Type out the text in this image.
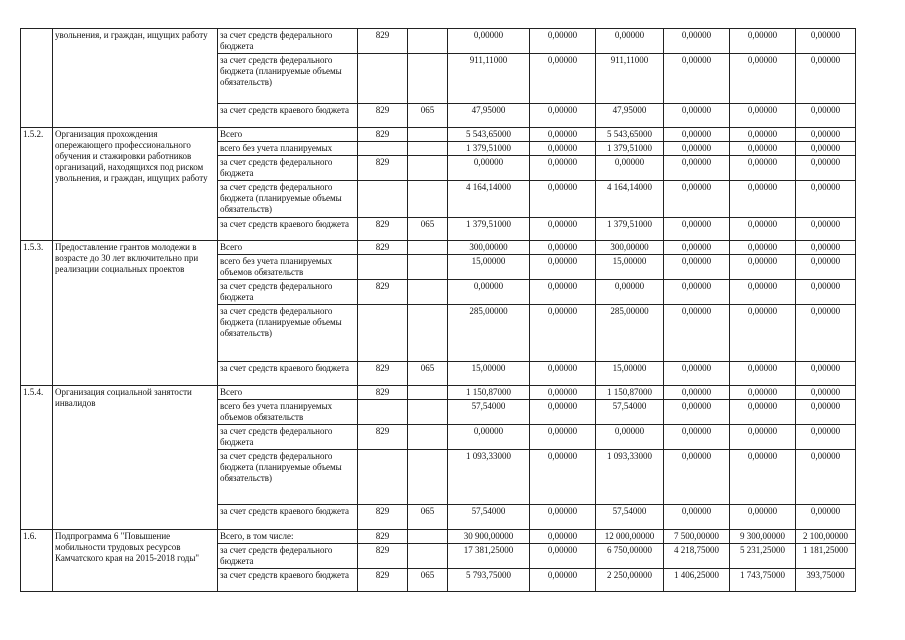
	увольнения, и граждан, ищущих работу	за счет средств федерального бюджета	829		0,00000	0,00000	0,00000	0,00000	0,00000	0,00000
		за счет средств федерального бюджета (планируемые объемы обязательств)			911,11000	0,00000	911,11000	0,00000	0,00000	0,00000
		за счет средств краевого бюджета	829	065	47,95000	0,00000	47,95000	0,00000	0,00000	0,00000
1.5.2.	Организация прохождения опережающего профессионального обучения и стажировки работников организаций, находящихся под риском увольнения, и граждан, ищущих работу	Всего	829		5 543,65000	0,00000	5 543,65000	0,00000	0,00000	0,00000
		всего без учета планируемых			1 379,51000	0,00000	1 379,51000	0,00000	0,00000	0,00000
		за счет средств федерального бюджета	829		0,00000	0,00000	0,00000	0,00000	0,00000	0,00000
		за счет средств федерального бюджета (планируемые объемы обязательств)			4 164,14000	0,00000	4 164,14000	0,00000	0,00000	0,00000
		за счет средств краевого бюджета	829	065	1 379,51000	0,00000	1 379,51000	0,00000	0,00000	0,00000
1.5.3.	Предоставление грантов молодежи в возрасте до 30 лет включительно при реализации социальных проектов	Всего	829		300,00000	0,00000	300,00000	0,00000	0,00000	0,00000
		всего без учета планируемых объемов обязательств			15,00000	0,00000	15,00000	0,00000	0,00000	0,00000
		за счет средств федерального бюджета	829		0,00000	0,00000	0,00000	0,00000	0,00000	0,00000
		за счет средств федерального бюджета (планируемые объемы обязательств)			285,00000	0,00000	285,00000	0,00000	0,00000	0,00000
		за счет средств краевого бюджета	829	065	15,00000	0,00000	15,00000	0,00000	0,00000	0,00000
1.5.4.	Организация социальной занятости инвалидов	Всего	829		1 150,87000	0,00000	1 150,87000	0,00000	0,00000	0,00000
		всего без учета планируемых объемов обязательств			57,54000	0,00000	57,54000	0,00000	0,00000	0,00000
		за счет средств федерального бюджета	829		0,00000	0,00000	0,00000	0,00000	0,00000	0,00000
		за счет средств федерального бюджета (планируемые объемы обязательств)			1 093,33000	0,00000	1 093,33000	0,00000	0,00000	0,00000
		за счет средств краевого бюджета	829	065	57,54000	0,00000	57,54000	0,00000	0,00000	0,00000
1.6.	Подпрограмма 6 "Повышение мобильности трудовых ресурсов Камчатского края на 2015-2018 годы"	Всего, в том числе:	829		30 900,00000	0,00000	12 000,00000	7 500,00000	9 300,00000	2 100,00000
		за счет средств федерального бюджета	829		17 381,25000	0,00000	6 750,00000	4 218,75000	5 231,25000	1 181,25000
		за счет средств краевого бюджета	829	065	5 793,75000	0,00000	2 250,00000	1 406,25000	1 743,75000	393,75000
